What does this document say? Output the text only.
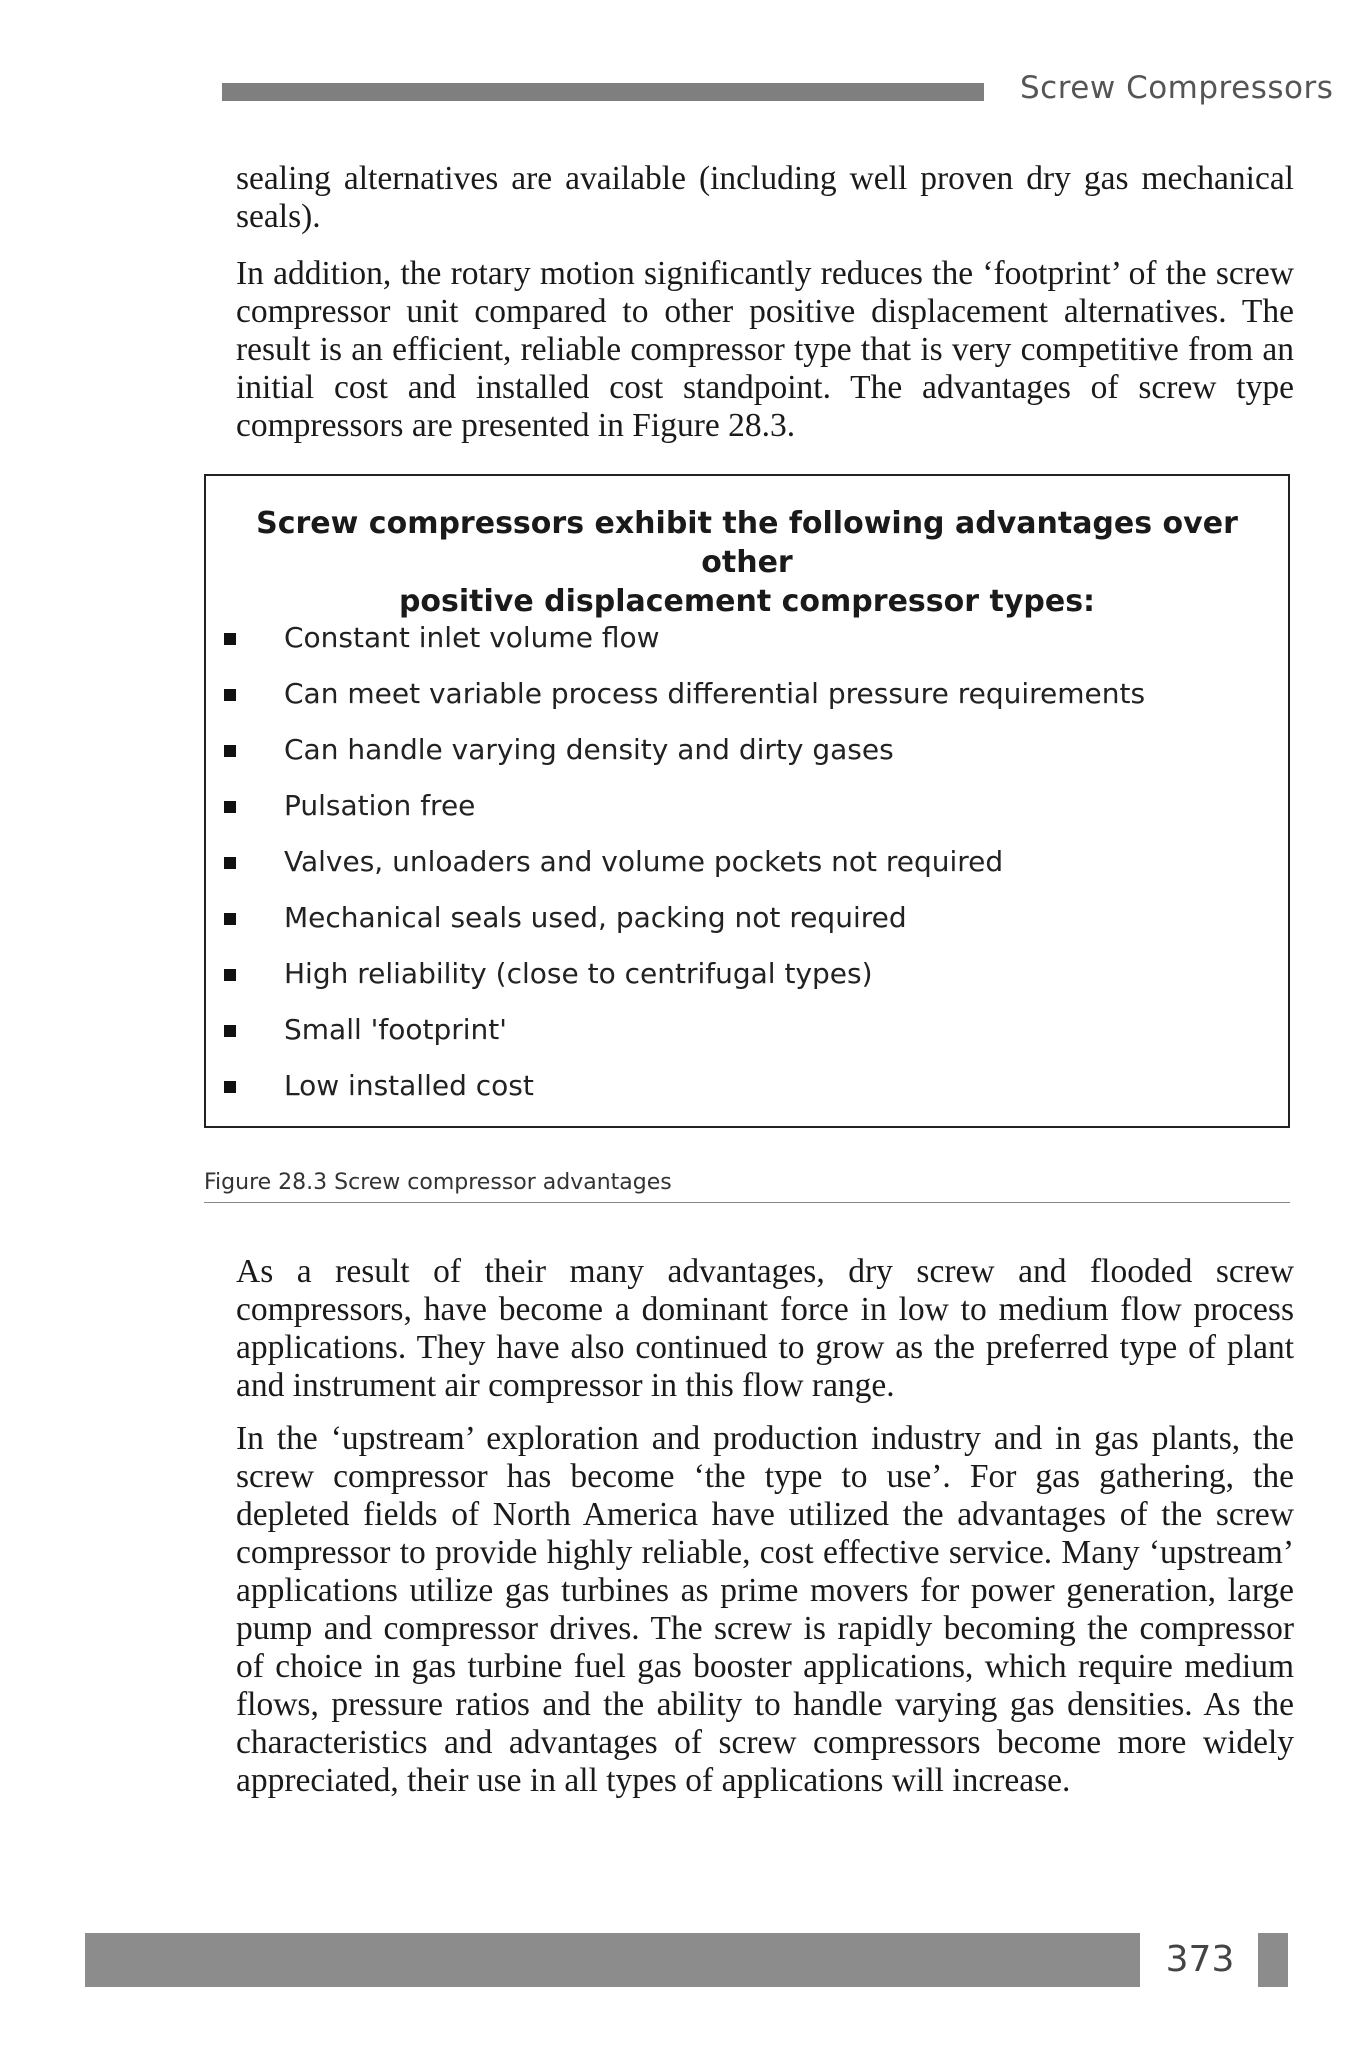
Screw Compressors

sealing alternatives are available (including well proven dry gas mechanical seals).

In addition, the rotary motion significantly reduces the ‘footprint’ of the screw compressor unit compared to other positive displacement alternatives. The result is an efficient, reliable compressor type that is very competitive from an initial cost and installed cost standpoint. The advantages of screw type compressors are presented in Figure 28.3.

Screw compressors exhibit the following advantages over other
positive displacement compressor types:
Constant inlet volume flow
Can meet variable process differential pressure requirements
Can handle varying density and dirty gases
Pulsation free
Valves, unloaders and volume pockets not required
Mechanical seals used, packing not required
High reliability (close to centrifugal types)
Small 'footprint'
Low installed cost
Figure 28.3 Screw compressor advantages

As a result of their many advantages, dry screw and flooded screw compressors, have become a dominant force in low to medium flow process applications. They have also continued to grow as the preferred type of plant and instrument air compressor in this flow range.

In the ‘upstream’ exploration and production industry and in gas plants, the screw compressor has become ‘the type to use’. For gas gathering, the depleted fields of North America have utilized the advantages of the screw compressor to provide highly reliable, cost effective service. Many ‘upstream’ applications utilize gas turbines as prime movers for power generation, large pump and compressor drives. The screw is rapidly becoming the compressor of choice in gas turbine fuel gas booster applications, which require medium flows, pressure ratios and the ability to handle varying gas densities. As the characteristics and advantages of screw compressors become more widely appreciated, their use in all types of applications will increase.

373
